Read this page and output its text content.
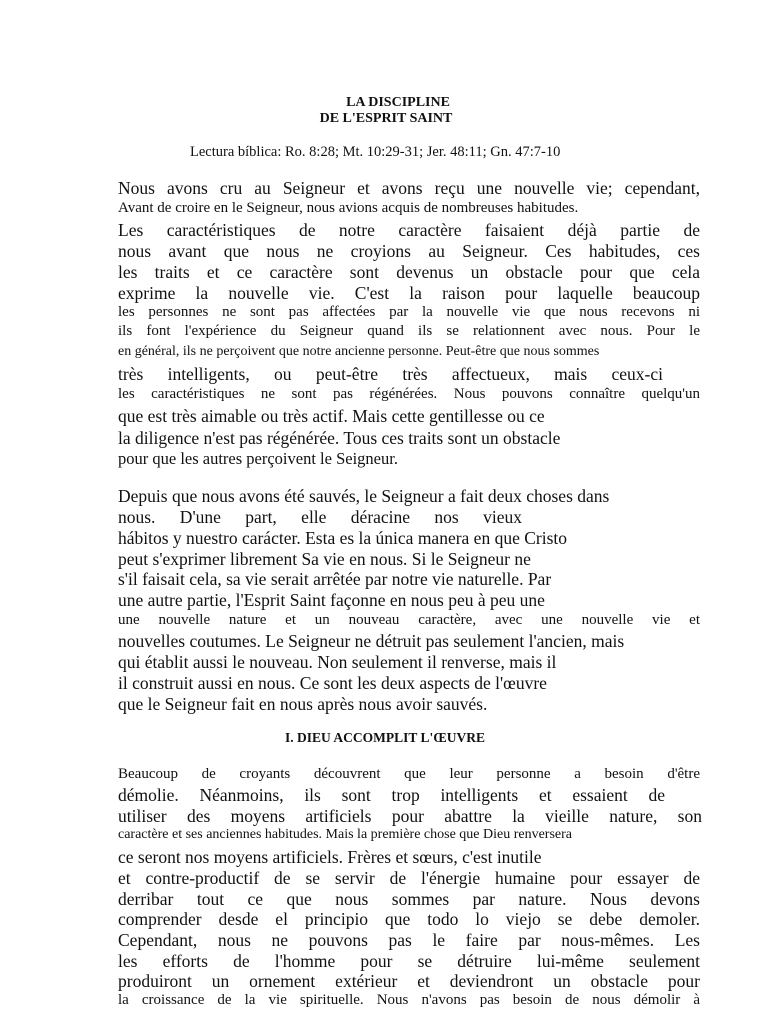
LA DISCIPLINE
DE L'ESPRIT SAINT
Lectura bíblica: Ro. 8:28; Mt. 10:29-31; Jer. 48:11; Gn. 47:7-10
Nous avons cru au Seigneur et avons reçu une nouvelle vie; cependant,
Avant de croire en le Seigneur, nous avions acquis de nombreuses habitudes.
Les caractéristiques de notre caractère faisaient déjà partie de
nous avant que nous ne croyions au Seigneur. Ces habitudes, ces
les traits et ce caractère sont devenus un obstacle pour que cela
exprime la nouvelle vie. C'est la raison pour laquelle beaucoup
les personnes ne sont pas affectées par la nouvelle vie que nous recevons ni
ils font l'expérience du Seigneur quand ils se relationnent avec nous. Pour le
en général, ils ne perçoivent que notre ancienne personne. Peut-être que nous sommes
très intelligents, ou peut-être très affectueux, mais ceux-ci
les caractéristiques ne sont pas régénérées. Nous pouvons connaître quelqu'un
que est très aimable ou très actif. Mais cette gentillesse ou ce
la diligence n'est pas régénérée. Tous ces traits sont un obstacle
pour que les autres perçoivent le Seigneur.
Depuis que nous avons été sauvés, le Seigneur a fait deux choses dans
nous. D'une part, elle déracine nos vieux
hábitos y nuestro carácter. Esta es la única manera en que Cristo
peut s'exprimer librement Sa vie en nous. Si le Seigneur ne
s'il faisait cela, sa vie serait arrêtée par notre vie naturelle. Par
une autre partie, l'Esprit Saint façonne en nous peu à peu une
une nouvelle nature et un nouveau caractère, avec une nouvelle vie et
nouvelles coutumes. Le Seigneur ne détruit pas seulement l'ancien, mais
qui établit aussi le nouveau. Non seulement il renverse, mais il
il construit aussi en nous. Ce sont les deux aspects de l'œuvre
que le Seigneur fait en nous après nous avoir sauvés.
I. DIEU ACCOMPLIT L'ŒUVRE
Beaucoup de croyants découvrent que leur personne a besoin d'être
démolie. Néanmoins, ils sont trop intelligents et essaient de
utiliser des moyens artificiels pour abattre la vieille nature, son
caractère et ses anciennes habitudes. Mais la première chose que Dieu renversera
ce seront nos moyens artificiels. Frères et sœurs, c'est inutile
et contre-productif de se servir de l'énergie humaine pour essayer de
derribar tout ce que nous sommes par nature. Nous devons
comprender desde el principio que todo lo viejo se debe demoler.
Cependant, nous ne pouvons pas le faire par nous-mêmes. Les
les efforts de l'homme pour se détruire lui-même seulement
produiront un ornement extérieur et deviendront un obstacle pour
la croissance de la vie spirituelle. Nous n'avons pas besoin de nous démolir à
